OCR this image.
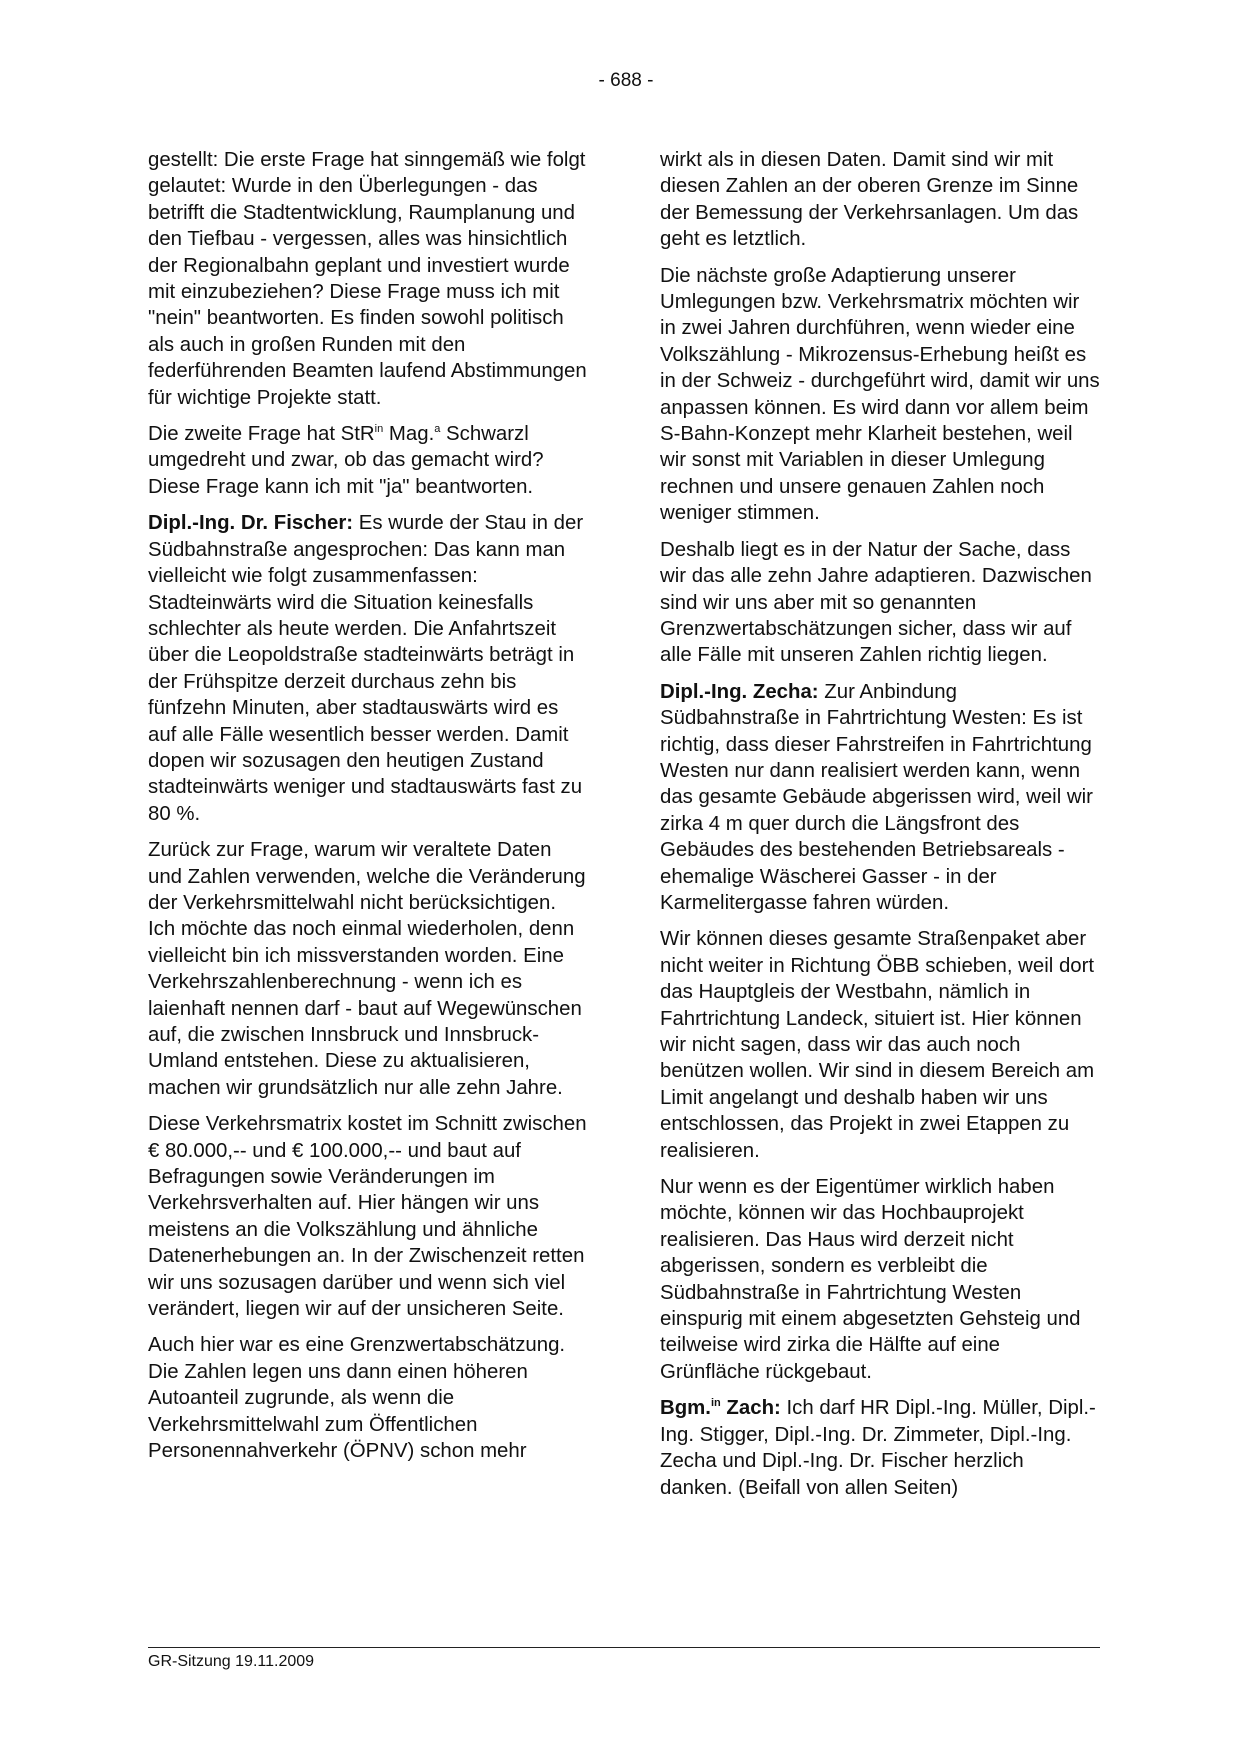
- 688 -

gestellt: Die erste Frage hat sinngemäß wie folgt gelautet: Wurde in den Überlegungen - das betrifft die Stadtentwicklung, Raumplanung und den Tiefbau - vergessen, alles was hinsichtlich der Regionalbahn geplant und investiert wurde mit einzubeziehen? Diese Frage muss ich mit "nein" beantworten. Es finden sowohl politisch als auch in großen Runden mit den federführenden Beamten laufend Abstimmungen für wichtige Projekte statt.

Die zweite Frage hat StR$^{in}$ Mag.$^a$ Schwarzl umgedreht und zwar, ob das gemacht wird? Diese Frage kann ich mit "ja" beantworten.

Dipl.-Ing. Dr. Fischer: Es wurde der Stau in der Südbahnstraße angesprochen: Das kann man vielleicht wie folgt zusammenfassen: Stadteinwärts wird die Situation keinesfalls schlechter als heute werden. Die Anfahrtszeit über die Leopoldstraße stadteinwärts beträgt in der Frühspitze derzeit durchaus zehn bis fünfzehn Minuten, aber stadtauswärts wird es auf alle Fälle wesentlich besser werden. Damit dopen wir sozusagen den heutigen Zustand stadteinwärts weniger und stadtauswärts fast zu 80 %.

Zurück zur Frage, warum wir veraltete Daten und Zahlen verwenden, welche die Veränderung der Verkehrsmittelwahl nicht berücksichtigen. Ich möchte das noch einmal wiederholen, denn vielleicht bin ich missverstanden worden. Eine Verkehrszahlenberechnung - wenn ich es laienhaft nennen darf - baut auf Wegewünschen auf, die zwischen Innsbruck und Innsbruck-Umland entstehen. Diese zu aktualisieren, machen wir grundsätzlich nur alle zehn Jahre.

Diese Verkehrsmatrix kostet im Schnitt zwischen € 80.000,-- und € 100.000,-- und baut auf Befragungen sowie Veränderungen im Verkehrsverhalten auf. Hier hängen wir uns meistens an die Volkszählung und ähnliche Datenerhebungen an. In der Zwischenzeit retten wir uns sozusagen darüber und wenn sich viel verändert, liegen wir auf der unsicheren Seite.

Auch hier war es eine Grenzwertabschätzung. Die Zahlen legen uns dann einen höheren Autoanteil zugrunde, als wenn die Verkehrsmittelwahl zum Öffentlichen Personennahverkehr (ÖPNV) schon mehr

wirkt als in diesen Daten. Damit sind wir mit diesen Zahlen an der oberen Grenze im Sinne der Bemessung der Verkehrsanlagen. Um das geht es letztlich.

Die nächste große Adaptierung unserer Umlegungen bzw. Verkehrsmatrix möchten wir in zwei Jahren durchführen, wenn wieder eine Volkszählung - Mikrozensus-Erhebung heißt es in der Schweiz - durchgeführt wird, damit wir uns anpassen können. Es wird dann vor allem beim S-Bahn-Konzept mehr Klarheit bestehen, weil wir sonst mit Variablen in dieser Umlegung rechnen und unsere genauen Zahlen noch weniger stimmen.

Deshalb liegt es in der Natur der Sache, dass wir das alle zehn Jahre adaptieren. Dazwischen sind wir uns aber mit so genannten Grenzwertabschätzungen sicher, dass wir auf alle Fälle mit unseren Zahlen richtig liegen.

Dipl.-Ing. Zecha: Zur Anbindung Südbahnstraße in Fahrtrichtung Westen: Es ist richtig, dass dieser Fahrstreifen in Fahrtrichtung Westen nur dann realisiert werden kann, wenn das gesamte Gebäude abgerissen wird, weil wir zirka 4 m quer durch die Längsfront des Gebäudes des bestehenden Betriebsareals - ehemalige Wäscherei Gasser - in der Karmelitergasse fahren würden.

Wir können dieses gesamte Straßenpaket aber nicht weiter in Richtung ÖBB schieben, weil dort das Hauptgleis der Westbahn, nämlich in Fahrtrichtung Landeck, situiert ist. Hier können wir nicht sagen, dass wir das auch noch benützen wollen. Wir sind in diesem Bereich am Limit angelangt und deshalb haben wir uns entschlossen, das Projekt in zwei Etappen zu realisieren.

Nur wenn es der Eigentümer wirklich haben möchte, können wir das Hochbauprojekt realisieren. Das Haus wird derzeit nicht abgerissen, sondern es verbleibt die Südbahnstraße in Fahrtrichtung Westen einspurig mit einem abgesetzten Gehsteig und teilweise wird zirka die Hälfte auf eine Grünfläche rückgebaut.

Bgm.$^{in}$ Zach: Ich darf HR Dipl.-Ing. Müller, Dipl.-Ing. Stigger, Dipl.-Ing. Dr. Zimmeter, Dipl.-Ing. Zecha und Dipl.-Ing. Dr. Fischer herzlich danken. (Beifall von allen Seiten)

GR-Sitzung 19.11.2009
